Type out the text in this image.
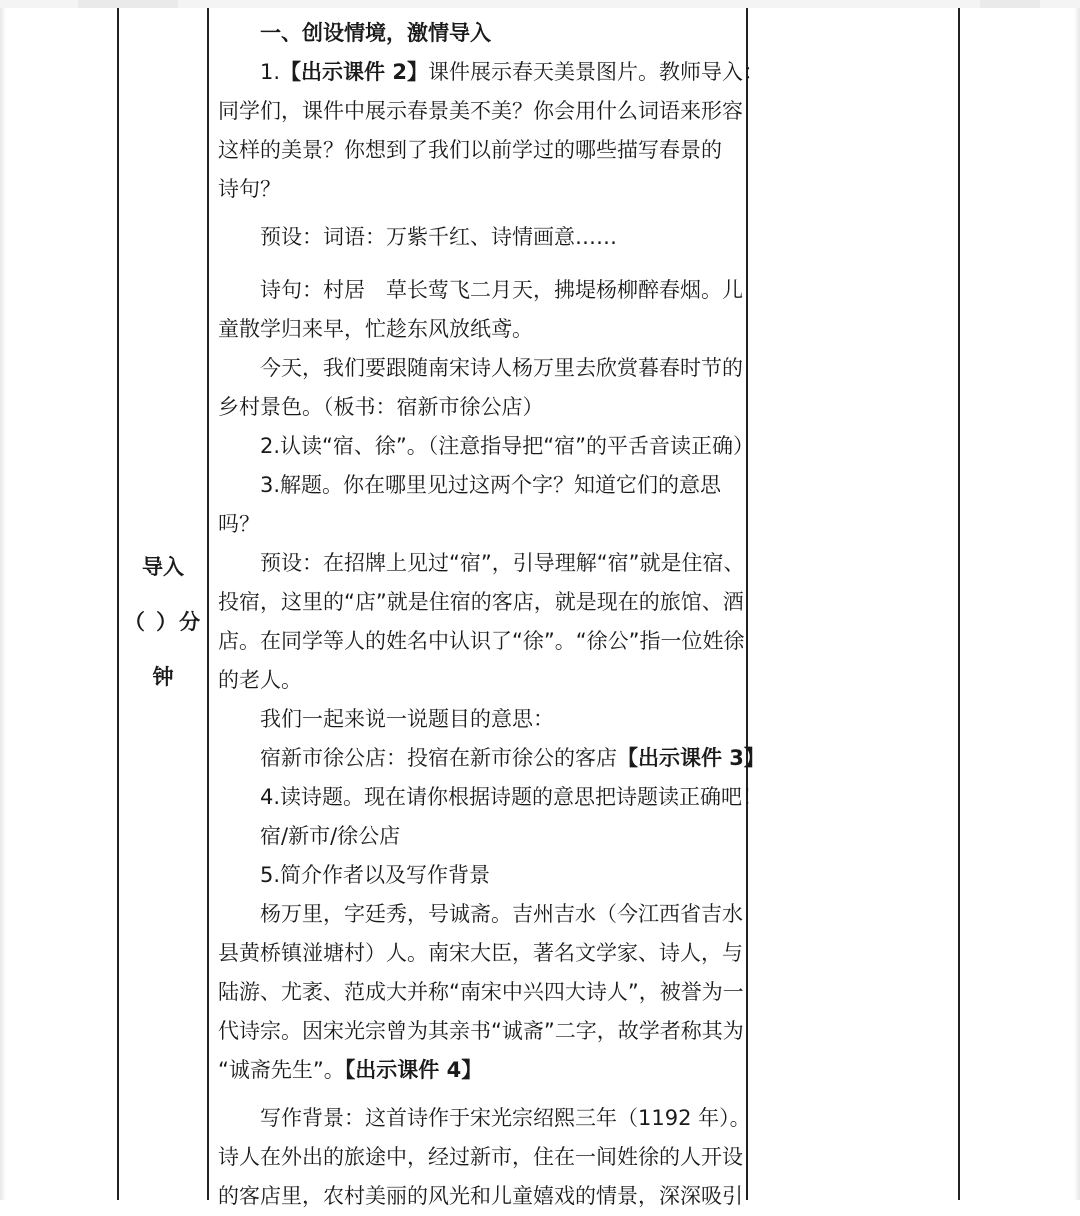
导入
（ ）分
钟
一、创设情境，激情导入
1.【出示课件 2】课件展示春天美景图片。教师导入：
同学们，课件中展示春景美不美？你会用什么词语来形容
这样的美景？你想到了我们以前学过的哪些描写春景的
诗句？
预设：词语：万紫千红、诗情画意……
诗句：村居　草长莺飞二月天，拂堤杨柳醉春烟。儿
童散学归来早，忙趁东风放纸鸢。
今天，我们要跟随南宋诗人杨万里去欣赏暮春时节的
乡村景色。（板书：宿新市徐公店）
2.认读“宿、徐”。（注意指导把“宿”的平舌音读正确）
3.解题。你在哪里见过这两个字？知道它们的意思
吗？
预设：在招牌上见过“宿”，引导理解“宿”就是住宿、
投宿，这里的“店”就是住宿的客店，就是现在的旅馆、酒
店。在同学等人的姓名中认识了“徐”。“徐公”指一位姓徐
的老人。
我们一起来说一说题目的意思：
宿新市徐公店：投宿在新市徐公的客店【出示课件 3】
4.读诗题。现在请你根据诗题的意思把诗题读正确吧！
宿/新市/徐公店
5.简介作者以及写作背景
杨万里，字廷秀，号诚斋。吉州吉水（今江西省吉水
县黄桥镇湴塘村）人。南宋大臣，著名文学家、诗人，与
陆游、尤袤、范成大并称“南宋中兴四大诗人”，被誉为一
代诗宗。因宋光宗曾为其亲书“诚斋”二字，故学者称其为
“诚斋先生”。【出示课件 4】
写作背景：这首诗作于宋光宗绍熙三年（1192 年）。
诗人在外出的旅途中，经过新市，住在一间姓徐的人开设
的客店里，农村美丽的风光和儿童嬉戏的情景，深深吸引
